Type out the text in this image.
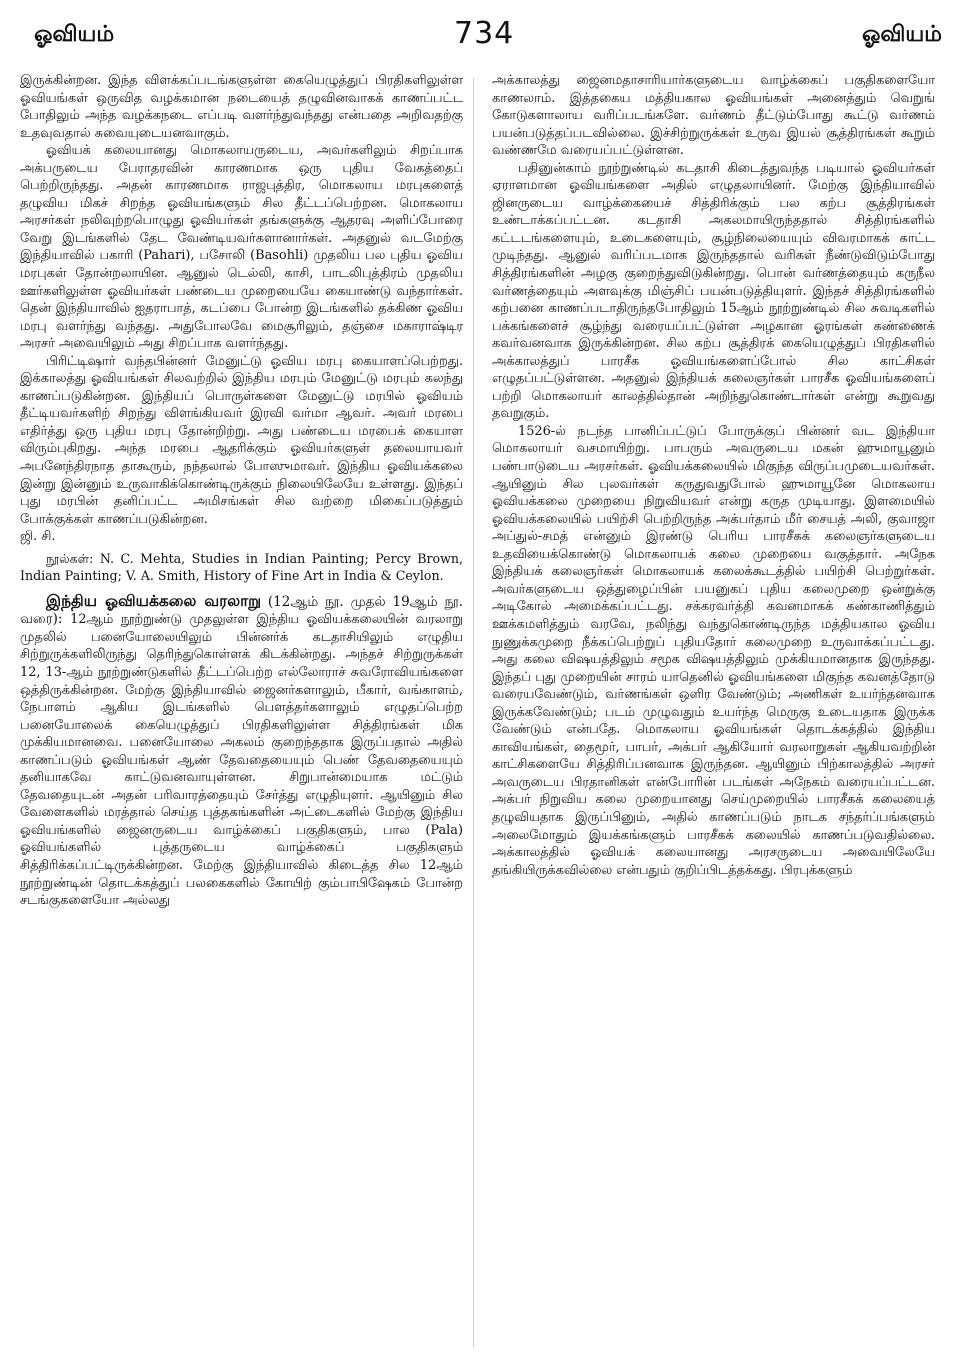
ஓவியம்	734	ஓவியம்

இருக்கின்றன. இந்த விளக்கப்படங்களுள்ள கையெழுத்துப் பிரதிகளிலுள்ள ஓவியங்கள் ஒருவித வழக்கமான நடையைத் தழுவினவாகக் காணப்பட்ட போதிலும் அந்த வழக்கநடை எப்படி வளர்ந்துவந்தது என்பதை அறிவதற்கு உதவுவதால் சுவையுடையனவாகும்.

ஓவியக் கலையானது மொகலாயருடைய, அவர்களிலும் சிறப்பாக அக்பருடைய பேராதரவின் காரணமாக ஒரு புதிய வேகத்தைப் பெற்றிருந்தது. அதன் காரணமாக ராஜபுத்திர, மொகலாய மரபுகளைத் தழுவிய மிகச் சிறந்த ஓவியங்களும் சில தீட்டப்பெற்றன. மொகலாய அரசர்கள் நலிவுற்றபொழுது ஓவியர்கள் தங்களுக்கு ஆதரவு அளிப்போரை வேறு இடங்களில் தேட வேண்டியவர்களானார்கள். அதனுல் வடமேற்கு இந்தியாவில் பகாரி (Pahari), பசோலி (Basohli) முதலிய பல புதிய ஓவிய மரபுகள் தோன்றலாயின. ஆனுல் டெல்லி, காசி, பாடலிபுத்திரம் முதலிய ஊர்களிலுள்ள ஓவியர்கள் பண்டைய முறையையே கையாண்டு வந்தார்கள். தென் இந்தியாவில் ஐதராபாத், கடப்பை போன்ற இடங்களில் தக்கிண ஓவிய மரபு வளர்ந்து வந்தது. அதுபோலவே மைசூரிலும், தஞ்சை மகாராஷ்டிர அரசர் அவையிலும் அது சிறப்பாக வளர்ந்தது.

பிரிட்டிஷார் வந்தபின்னர் மேனுட்டு ஓவிய மரபு கையாளப்பெற்றது. இக்காலத்து ஓவியங்கள் சிலவற்றில் இந்திய மரபும் மேனுட்டு மரபும் கலந்து காணப்படுகின்றன. இந்தியப் பொருள்களை மேனுட்டு மரபில் ஓவியம் தீட்டியவர்களிற் சிறந்து விளங்கியவர் இரவி வர்மா ஆவர். அவர் மரபை எதிர்த்து ஒரு புதிய மரபு தோன்றிற்று. அது பண்டைய மரபைக் கையாள விரும்புகிறது. அந்த மரபை ஆதரிக்கும் ஓவியர்களுள் தலையாயவர் அபனேந்திரநாத தாகூரும், நந்தலால் போஸுமாவர். இந்திய ஓவியக்கலை இன்று இன்னும் உருவாகிக்கொண்டிருக்கும் நிலையிலேயே உள்ளது. இந்தப் புது மரபின் தனிப்பட்ட அமிசங்கள் சில வற்றை மிகைப்படுத்தும் போக்குக்கள் காணப்படுகின்றன.

ஜி. சி.

நூல்கள்: N. C. Mehta, Studies in Indian Painting; Percy Brown, Indian Painting; V. A. Smith, History of Fine Art in India & Ceylon.

இந்திய ஓவியக்கலை வரலாறு (12ஆம் நூ. முதல் 19ஆம் நூ. வரை): 12ஆம் நூற்றுண்டு முதலுள்ள இந்திய ஓவியக்கலையின் வரலாறு முதலில் பனையோலையிலும் பின்னர்க் கடதாசியிலும் எழுதிய சிற்றுருக்களிலிருந்து தெரிந்துகொள்ளக் கிடக்கின்றது. அந்தச் சிற்றுருக்கள் 12, 13-ஆம் நூற்றுண்டுகளில் தீட்டப்பெற்ற எல்லோராச் சுவரோவியங்களை ஒத்திருக்கின்றன. மேற்கு இந்தியாவில் ஜைனர்களாலும், பீகார், வங்காளம், நேபாளம் ஆகிய இடங்களில் பௌத்தர்களாலும் எழுதப்பெற்ற பனையோலைக் கையெழுத்துப் பிரதிகளிலுள்ள சித்திரங்கள் மிக முக்கியமானவை. பனையோலை அகலம் குறைந்ததாக இருப்பதால் அதில் காணப்படும் ஓவியங்கள் ஆண் தேவதையையும் பெண் தேவதையையும் தனியாகவே காட்டுவனவாயுள்ளன. சிறுபான்மையாக மட்டும் தேவதையுடன் அதன் பரிவாரத்தையும் சேர்த்து எழுதியுளர். ஆயினும் சில வேளைகளில் மரத்தால் செய்த புத்தகங்களின் அட்டைகளில் மேற்கு இந்திய ஓவியங்களில் ஜைனருடைய வாழ்க்கைப் பகுதிகளும், பால (Pala) ஓவியங்களில் புத்தருடைய வாழ்க்கைப் பகுதிகளும் சித்திரிக்கப்பட்டிருக்கின்றன. மேற்கு இந்தியாவில் கிடைத்த சில 12ஆம் நூற்றுண்டின் தொடக்கத்துப் பலகைகளில் கோயிற் கும்பாபிஷேகம் போன்ற சடங்குகளையோ அல்லது

அக்காலத்து ஜைனமதாசாரியார்களுடைய வாழ்க்கைப் பகுதிகளையோ காணலாம். இத்தகைய மத்தியகால ஓவியங்கள் அனைத்தும் வெறுங் கோடுகளாலாய வரிப்படங்களே. வர்ணம் தீட்டும்போது கூட்டு வர்ணம் பயன்படுத்தப்படவில்லை. இச்சிற்றுருக்கள் உருவ இயல் சூத்திரங்கள் கூறும் வண்ணமே வரையப்பட்டுள்ளன.

பதினுன்காம் நூற்றுண்டில் கடதாசி கிடைத்துவந்த படியால் ஓவியர்கள் ஏராளமான ஓவியங்களை அதில் எழுதலாயினர். மேற்கு இந்தியாவில் ஜினருடைய வாழ்க்கையைச் சித்திரிக்கும் பல கற்ப சூத்திரங்கள் உண்டாக்கப்பட்டன. கடதாசி அகலமாயிருந்ததால் சித்திரங்களில் கட்டடங்களையும், உடைகளையும், சூழ்நிலையையும் விவரமாகக் காட்ட முடிந்தது. ஆனுல் வரிப்படமாக இருந்ததால் வரிகள் நீண்டுவிடும்போது சித்திரங்களின் அழகு குறைந்துவிடுகின்றது. பொன் வர்ணத்தையும் கருநீல வர்ணத்தையும் அளவுக்கு மிஞ்சிப் பயன்படுத்தியுளர். இந்தச் சித்திரங்களில் கற்பனை காணப்படாதிருந்தபோதிலும் 15ஆம் நூற்றுண்டில் சில சுவடிகளில் பக்கங்களைச் சூழ்ந்து வரையப்பட்டுள்ள அழகான ஓரங்கள் கண்ணைக் கவர்வனவாக இருக்கின்றன. சில கற்ப சூத்திரக் கையெழுத்துப் பிரதிகளில் அக்காலத்துப் பாரசீக ஓவியங்களைப்போல் சில காட்சிகள் எழுதப்பட்டுள்ளன. அதனுல் இந்தியக் கலைஞர்கள் பாரசீக ஓவியங்களைப் பற்றி மொகலாயர் காலத்தில்தான் அறிந்துகொண்டார்கள் என்று கூறுவது தவறுகும்.

1526-ல் நடந்த பானிப்பட்டுப் போருக்குப் பின்னர் வட இந்தியா மொகலாயர் வசமாயிற்று. பாபரும் அவருடைய மகன் ஹுமாயூனும் பண்பாடுடைய அரசர்கள். ஓவியக்கலையில் மிகுந்த விருப்பமுடையவர்கள். ஆயினும் சில புலவர்கள் கருதுவதுபோல் ஹுமாயூனே மொகலாய ஓவியக்கலை முறையை நிறுவியவர் என்று கருத முடியாது. இளமையில் ஓவியக்கலையில் பயிற்சி பெற்றிருந்த அக்பர்தாம் மீர் சையத் அலி, குவாஜா அப்துல்-சமத் என்னும் இரண்டு பெரிய பாரசீகக் கலைஞர்களுடைய உதவியைக்கொண்டு மொகலாயக் கலை முறையை வகுத்தார். அநேக இந்தியக் கலைஞர்கள் மொகலாயக் கலைக்கூடத்தில் பயிற்சி பெற்றுர்கள். அவர்களுடைய ஒத்துழைப்பின் பயனுகப் புதிய கலைமுறை ஒன்றுக்கு அடிகோல் அமைக்கப்பட்டது. சக்கரவர்த்தி கவனமாகக் கண்காணித்தும் ஊக்கமளித்தும் வரவே, நலிந்து வந்துகொண்டிருந்த மத்தியகால ஓவிய நுணுக்கமுறை நீக்கப்பெற்றுப் புதியதோர் கலைமுறை உருவாக்கப்பட்டது. அது கலை விஷயத்திலும் சமூக விஷயத்திலும் முக்கியமானதாக இருந்தது. இந்தப் புது முறையின் சாரம் யாதெனில் ஓவியங்களை மிகுந்த கவனத்தோடு வரையவேண்டும், வர்ணங்கள் ஒளிர வேண்டும்; அணிகள் உயர்ந்தனவாக இருக்கவேண்டும்; படம் முழுவதும் உயர்ந்த மெருகு உடையதாக இருக்க வேண்டும் என்பதே. மொகலாய ஓவியங்கள் தொடக்கத்தில் இந்திய காவியங்கள், தைமூர், பாபர், அக்பர் ஆகியோர் வரலாறுகள் ஆகியவற்றின் காட்சிகளையே சித்திரிப்பனவாக இருந்தன. ஆயினும் பிற்காலத்தில் அரசர் அவருடைய பிரதானிகள் என்போரின் படங்கள் அநேகம் வரையப்பட்டன. அக்பர் நிறுவிய கலை முறையானது செய்முறையில் பாரசீகக் கலையைத் தழுவியதாக இருப்பினும், அதில் காணப்படும் நாடக சந்தர்ப்பங்களும் அலைமோதும் இயக்கங்களும் பாரசீகக் கலையில் காணப்படுவதில்லை. அக்காலத்தில் ஓவியக் கலையானது அரசருடைய அவையிலேயே தங்கியிருக்கவில்லை என்பதும் குறிப்பிடத்தக்கது. பிரபுக்களும்
